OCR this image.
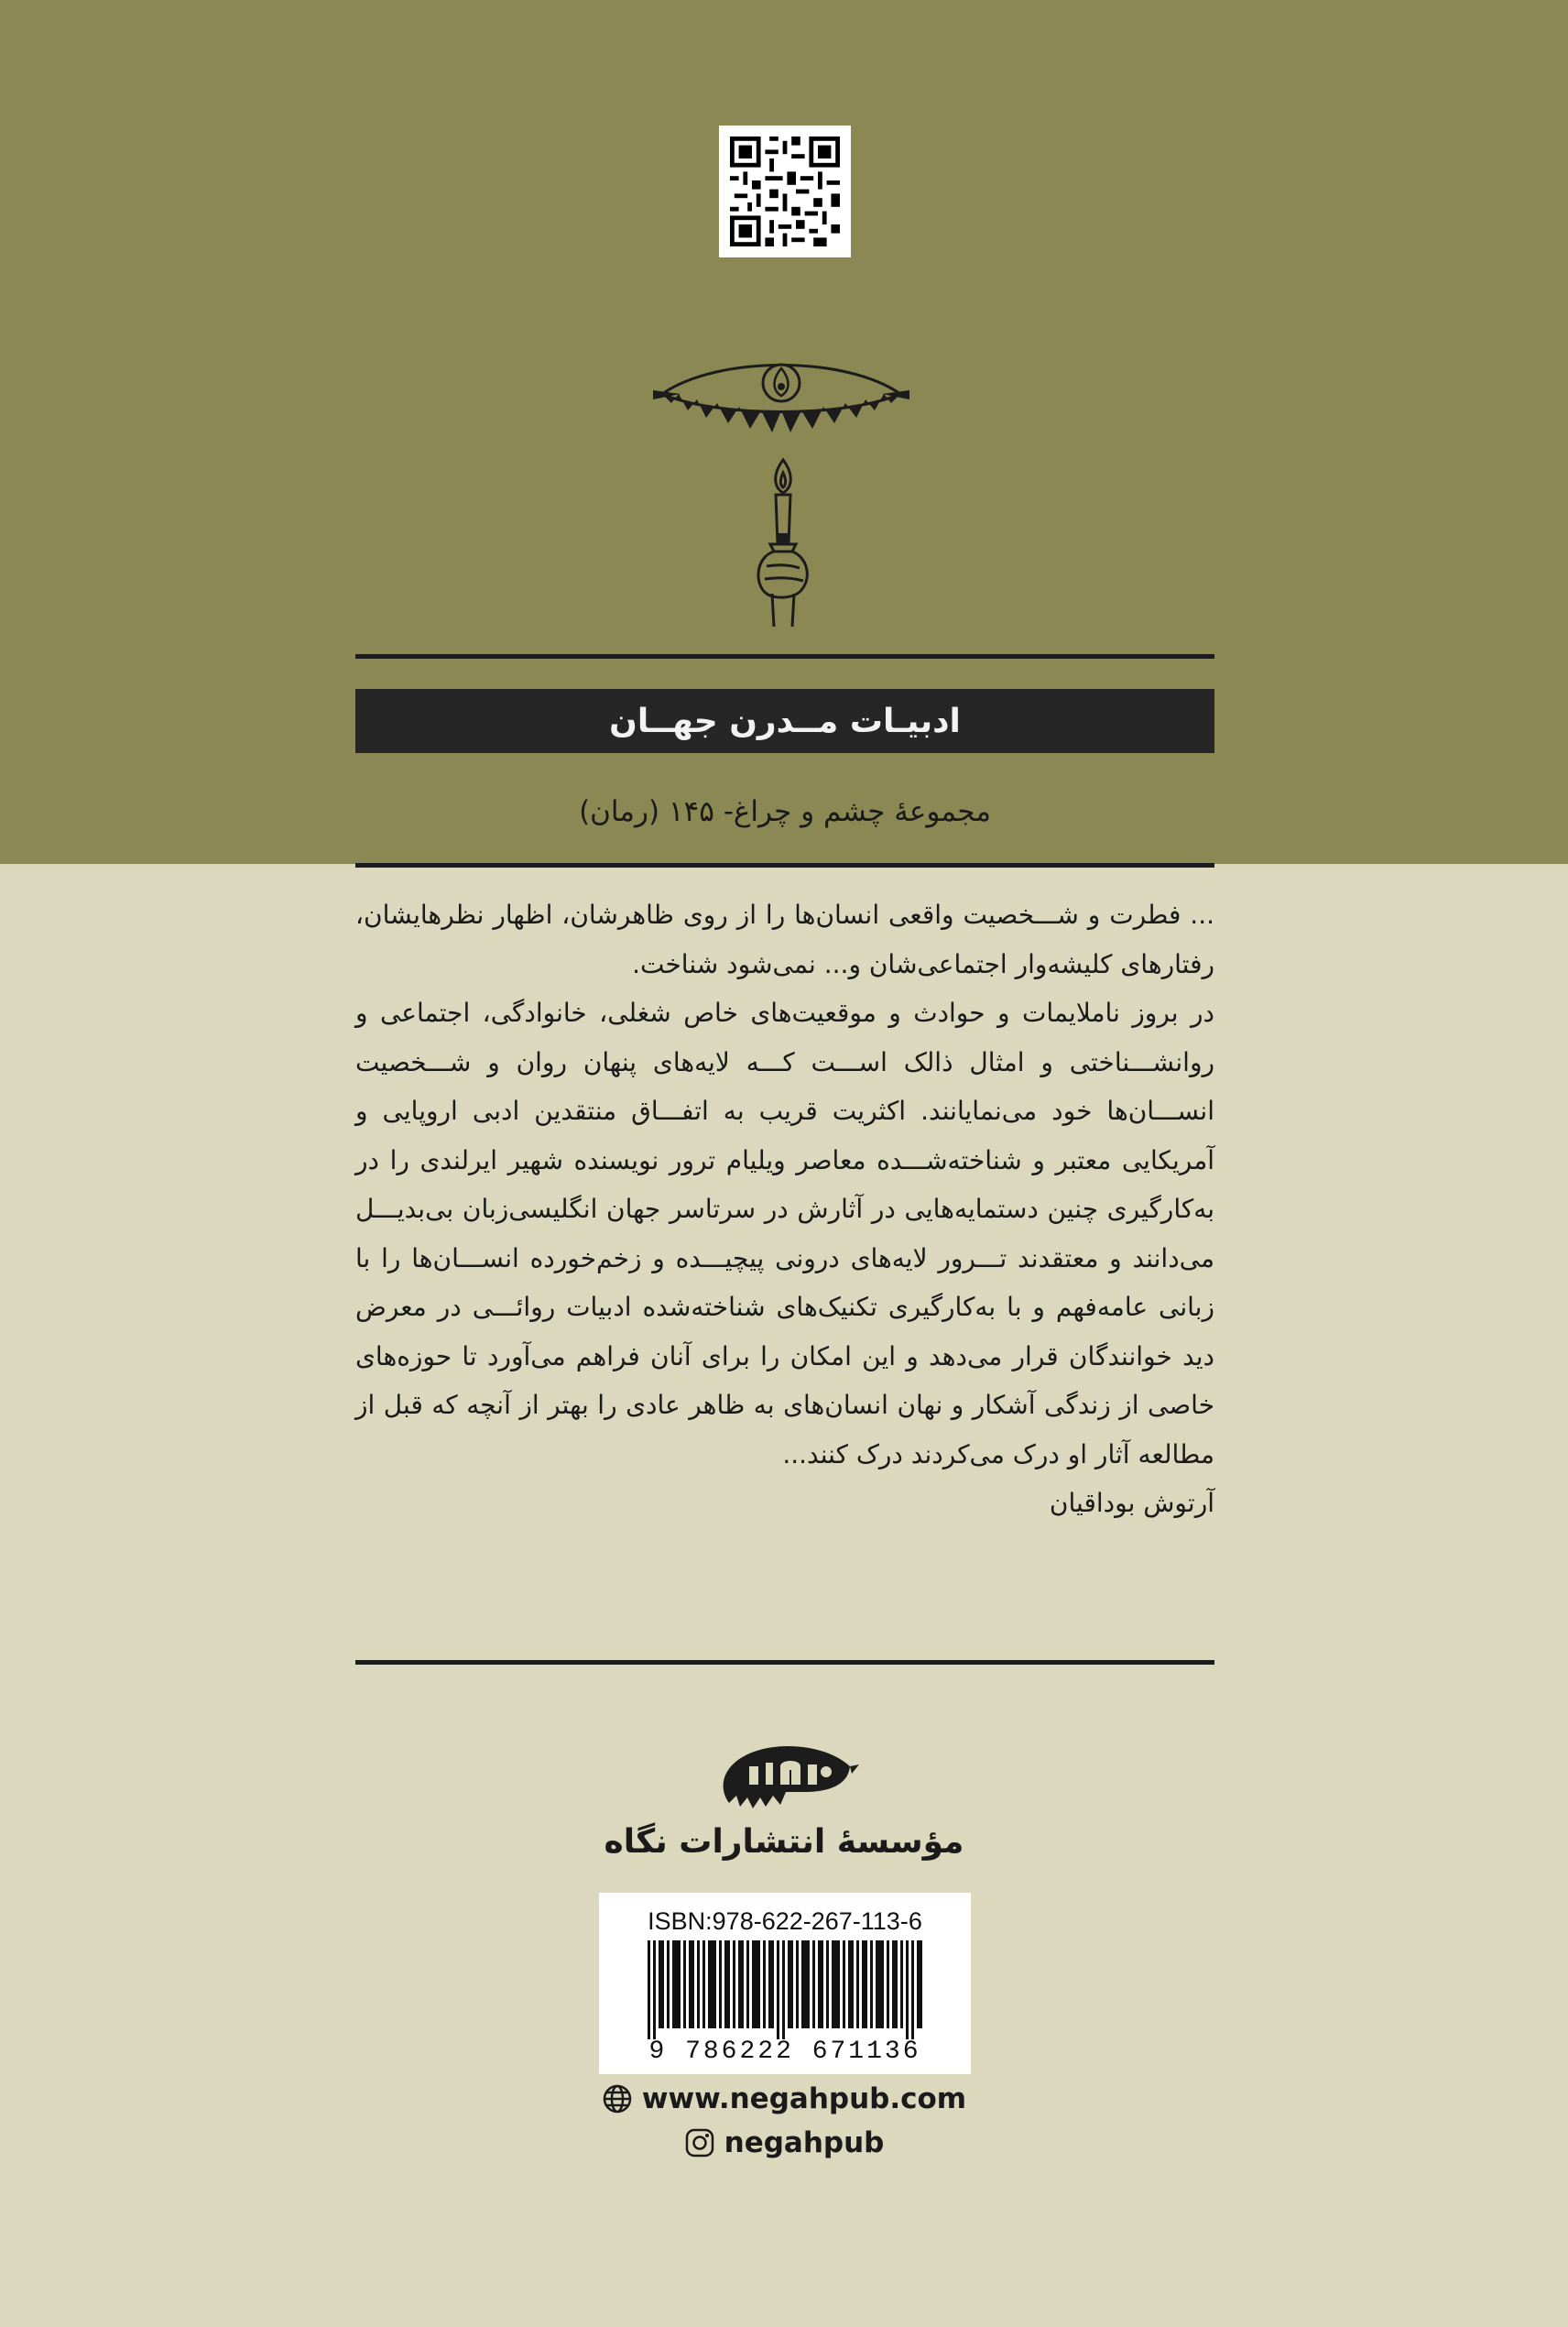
ادبیـات مــدرن جهــان
مجموعهٔ چشم و چراغ- ۱۴۵ (رمان)

... فطرت و شـــخصیت واقعی انسان‌ها را از روی ظاهرشان، اظهار نظرهایشان، رفتارهای کلیشه‌وار اجتماعی‌شان و... نمی‌شود شناخت.

در بروز ناملایمات و حوادث و موقعیت‌های خاص شغلی، خانوادگی، اجتماعی و روانشـــناختی و امثال ذالک اســـت کـــه لایه‌های پنهان روان و شـــخصیت انســـان‌ها خود می‌نمایانند. اکثریت قریب به اتفـــاق منتقدین ادبی اروپایی و آمریکایی معتبر و شناخته‌شـــده معاصر ویلیام ترور نویسنده شهیر ایرلندی را در به‌کارگیری چنین دستمایه‌هایی در آثارش در سرتاسر جهان انگلیسی‌زبان بی‌بدیـــل می‌دانند و معتقدند تـــرور لایه‌های درونی پیچیـــده و زخم‌خورده انســـان‌ها را با زبانی عامه‌فهم و با به‌کارگیری تکنیک‌های شناخته‌شده ادبیات روائـــی در معرض دید خوانندگان قرار می‌دهد و این امکان را برای آنان فراهم می‌آورد تا حوزه‌های خاصی از زندگی آشکار و نهان انسان‌های به ظاهر عادی را بهتر از آنچه که قبل از مطالعه آثار او درک می‌کردند درک کنند...

آرتوش بوداقیان

مؤسسهٔ انتشارات نگاه
ISBN:978-622-267-113-6
9 786222 671136
www.negahpub.com
negahpub
